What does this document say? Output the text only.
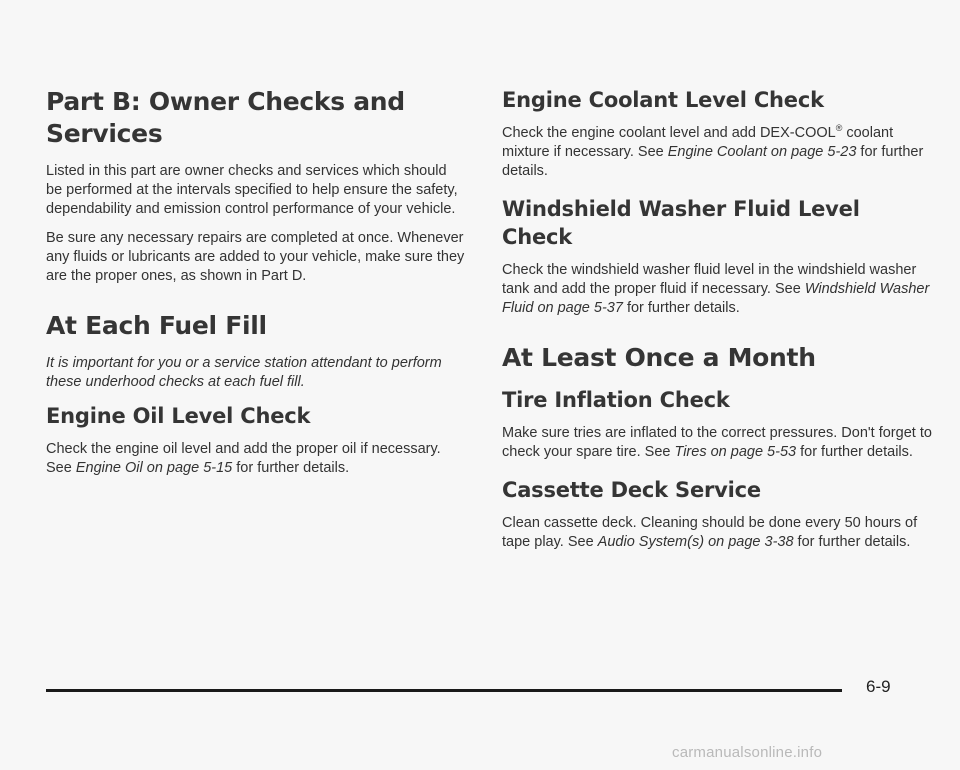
Part B: Owner Checks and Services

Listed in this part are owner checks and services which should be performed at the intervals specified to help ensure the safety, dependability and emission control performance of your vehicle.

Be sure any necessary repairs are completed at once. Whenever any fluids or lubricants are added to your vehicle, make sure they are the proper ones, as shown in Part D.

At Each Fuel Fill

It is important for you or a service station attendant to perform these underhood checks at each fuel fill.

Engine Oil Level Check

Check the engine oil level and add the proper oil if necessary. See Engine Oil on page 5-15 for further details.

Engine Coolant Level Check

Check the engine coolant level and add DEX-COOL® coolant mixture if necessary. See Engine Coolant on page 5-23 for further details.

Windshield Washer Fluid Level Check

Check the windshield washer fluid level in the windshield washer tank and add the proper fluid if necessary. See Windshield Washer Fluid on page 5-37 for further details.

At Least Once a Month
Tire Inflation Check

Make sure tries are inflated to the correct pressures. Don't forget to check your spare tire. See Tires on page 5-53 for further details.

Cassette Deck Service

Clean cassette deck. Cleaning should be done every 50 hours of tape play. See Audio System(s) on page 3-38 for further details.

6-9
carmanualsonline.info
